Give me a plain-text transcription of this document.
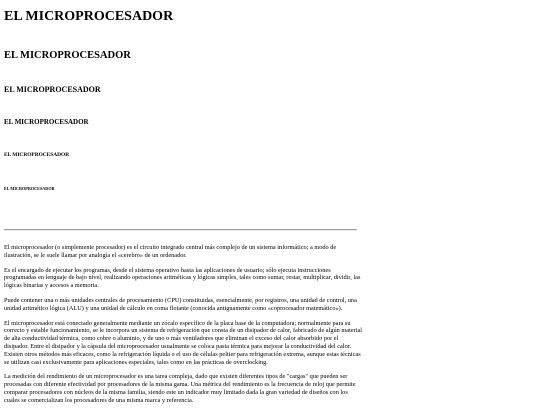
EL MICROPROCESADOR
EL MICROPROCESADOR
EL MICROPROCESADOR
EL MICROPROCESADOR
EL MICROPROCESADOR
EL MICROPROCESADOR

El microprocesador (o simplemente procesador) es el circuito integrado central más complejo de un sistema informático; a modo de ilustración, se le suele llamar por analogía el «cerebro» de un ordenador.

Es el encargado de ejecutar los programas, desde el sistema operativo hasta las aplicaciones de usuario; sólo ejecuta instrucciones programadas en lenguaje de bajo nivel, realizando operaciones aritméticas y lógicas simples, tales como sumar, restar, multiplicar, dividir, las lógicas binarias y accesos a memoria.

Puede contener una o más unidades centrales de procesamiento (CPU) constituidas, esencialmente, por registros, una unidad de control, una unidad aritmético lógica (ALU) y una unidad de cálculo en coma flotante (conocida antiguamente como «coprocesador matemático»).

El microprocesador está conectado generalmente mediante un zócalo específico de la placa base de la computadora; normalmente para su correcto y estable funcionamiento, se le incorpora un sistema de refrigeración que consta de un disipador de calor, fabricado de algún material de alta conductividad térmica, como cobre o aluminio, y de uno o más ventiladores que eliminan el exceso del calor absorbido por el disipador. Entre el disipador y la cápsula del microprocesador usualmente se coloca pasta térmica para mejorar la conductividad del calor. Existen otros métodos más eficaces, como la refrigeración líquida o el uso de células peltier para refrigeración extrema, aunque estas técnicas se utilizan casi exclusivamente para aplicaciones especiales, tales como en las prácticas de overclocking.

La medición del rendimiento de un microprocesador es una tarea compleja, dado que existen diferentes tipos de "cargas" que pueden ser procesadas con diferente efectividad por procesadores de la misma gama. Una métrica del rendimiento es la frecuencia de reloj que permite comparar procesadores con núcleos de la misma familia, siendo este un indicador muy limitado dada la gran variedad de diseños con los cuales se comercializan los procesadores de una misma marca y referencia.
